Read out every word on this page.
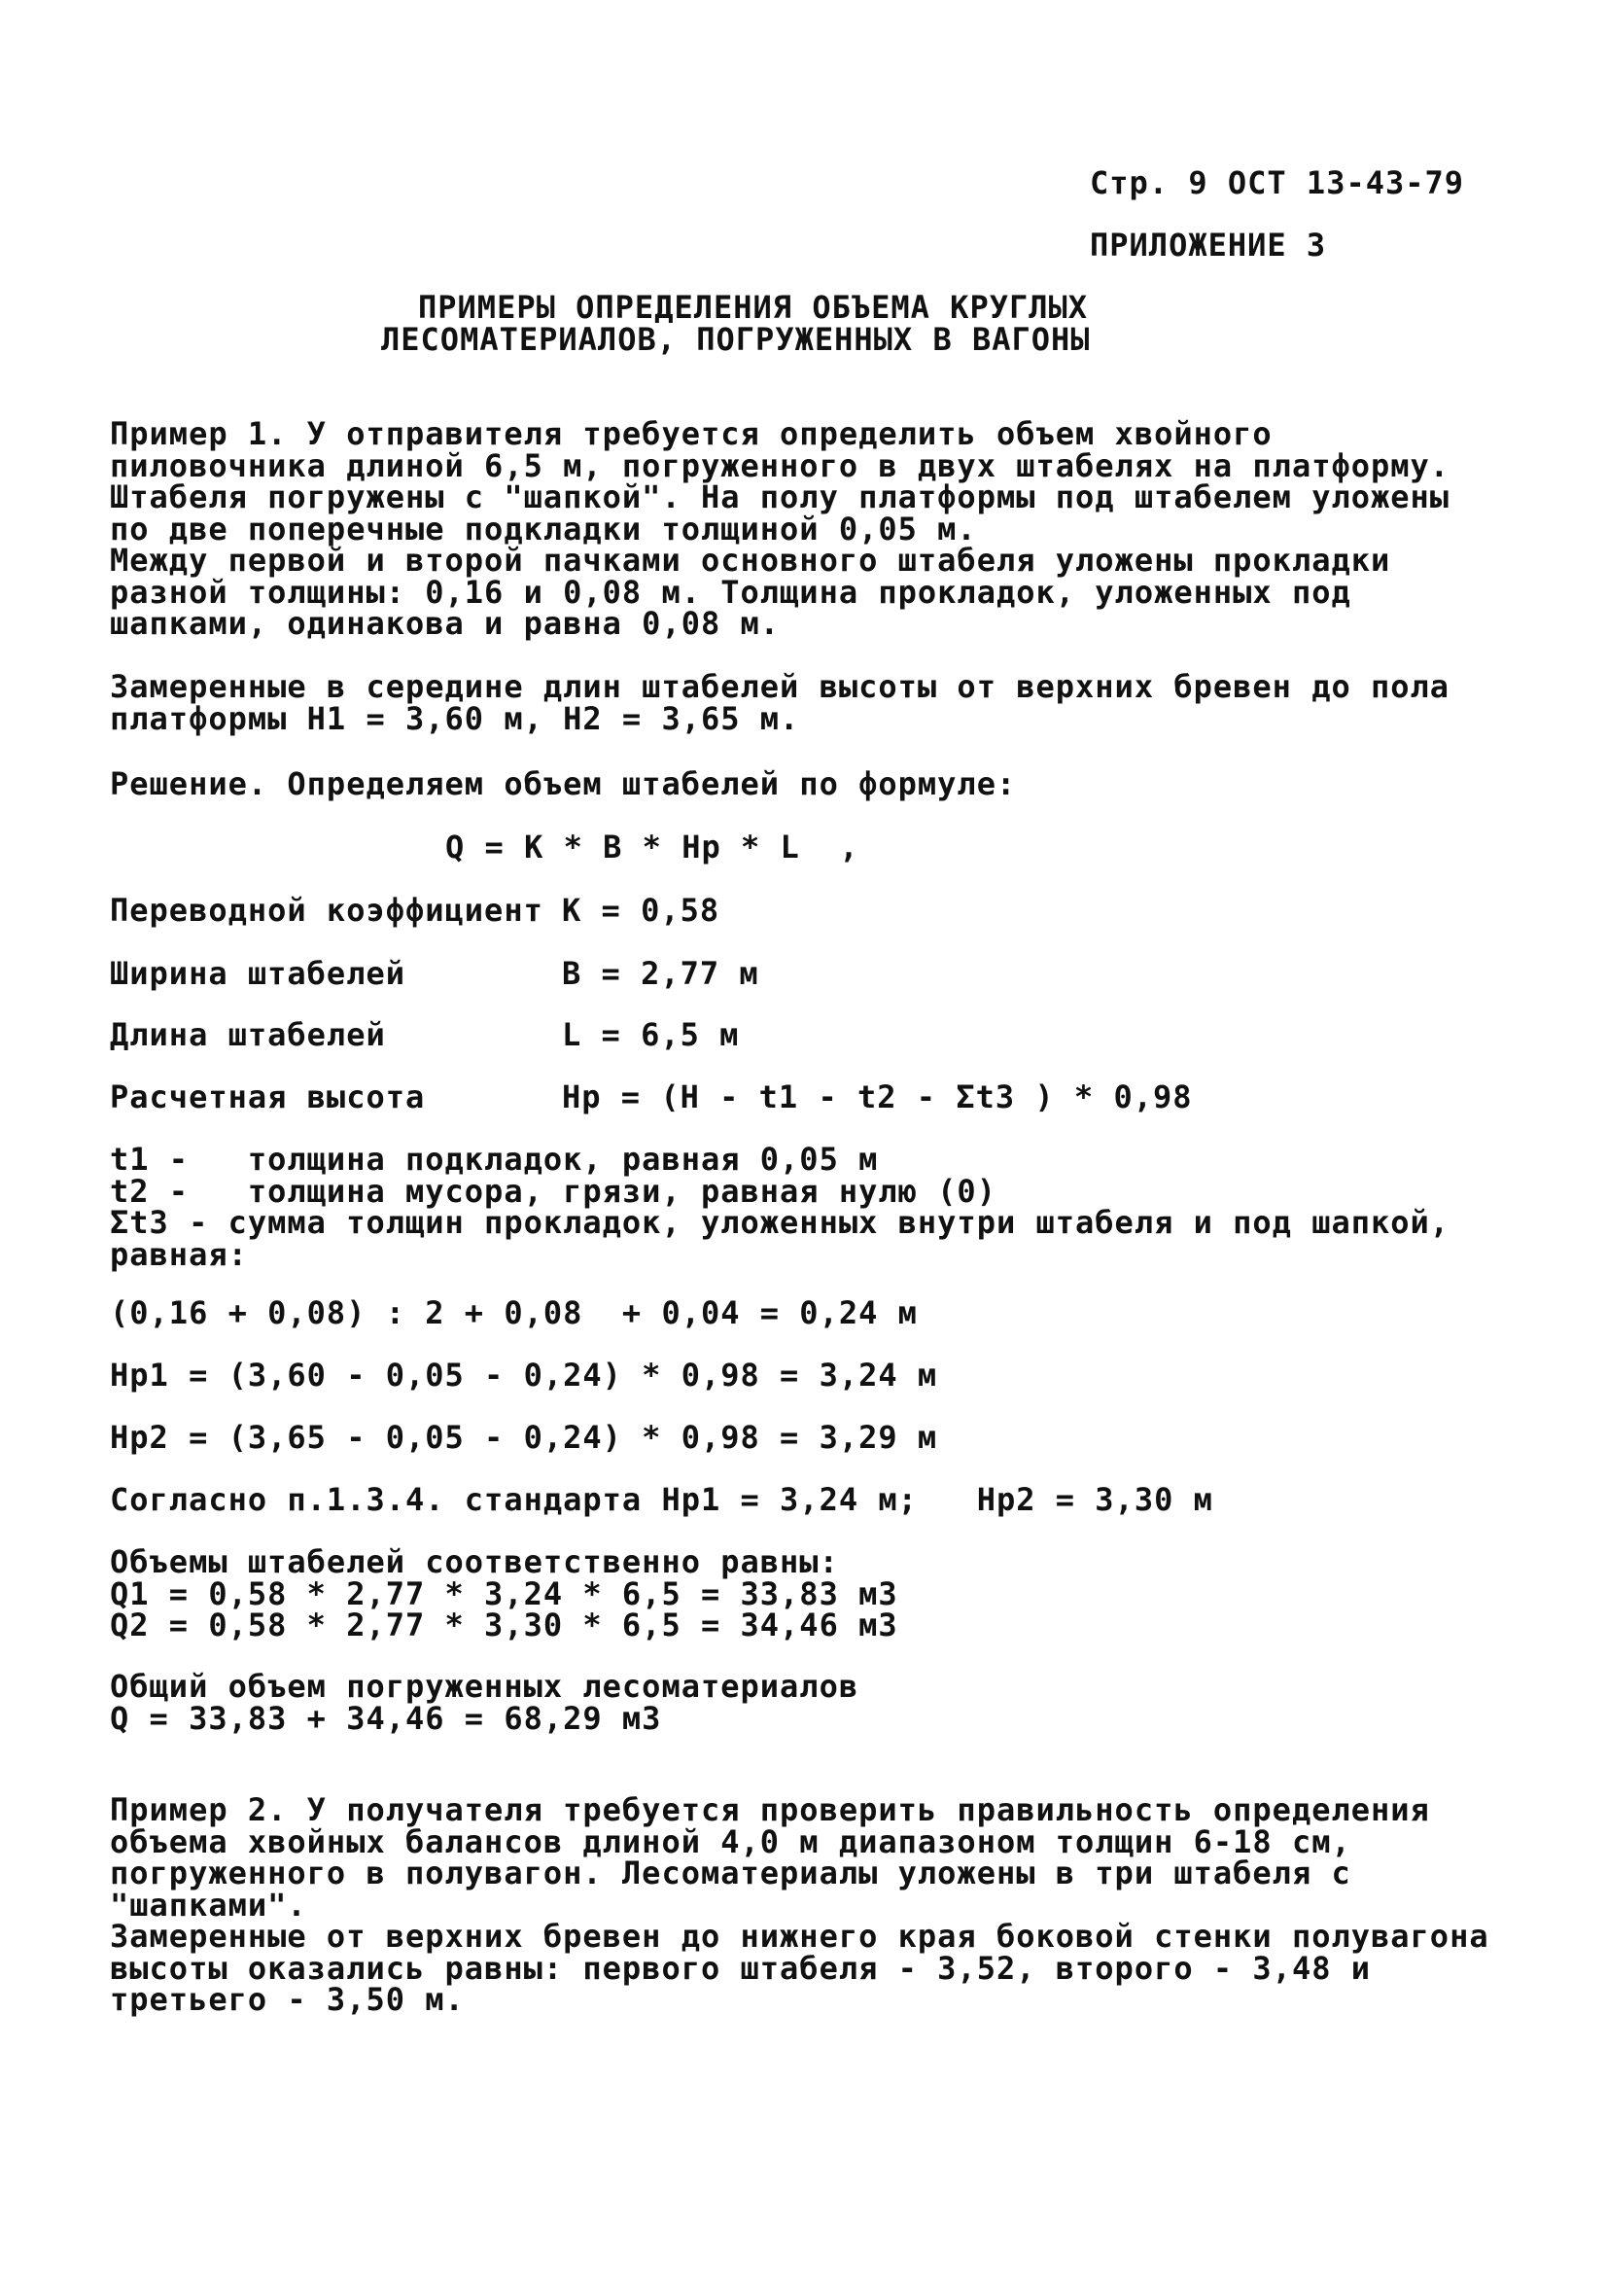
Стр. 9 ОСТ 13-43-79
ПРИЛОЖЕНИЕ 3
ПРИМЕРЫ ОПРЕДЕЛЕНИЯ ОБЪЕМА КРУГЛЫХ
ЛЕСОМАТЕРИАЛОВ, ПОГРУЖЕННЫХ В ВАГОНЫ
Пример 1. У отправителя требуется определить объем хвойного
пиловочника длиной 6,5 м, погруженного в двух штабелях на платформу.
Штабеля погружены с "шапкой". На полу платформы под штабелем уложены
по две поперечные подкладки толщиной 0,05 м.
Между первой и второй пачками основного штабеля уложены прокладки
разной толщины: 0,16 и 0,08 м. Толщина прокладок, уложенных под
шапками, одинакова и равна 0,08 м.
Замеренные в середине длин штабелей высоты от верхних бревен до пола
платформы Н1 = 3,60 м, Н2 = 3,65 м.
Решение. Определяем объем штабелей по формуле:
Q = К * В * Нр * L  ,
Переводной коэффициент К = 0,58
Ширина штабелей	В = 2,77 м
Длина штабелей	L = 6,5 м
Расчетная высота	Нр = (Н - t1 - t2 - Σt3 ) * 0,98
t1 -   толщина подкладок, равная 0,05 м
t2 -   толщина мусора, грязи, равная нулю (0)
Σt3 - сумма толщин прокладок, уложенных внутри штабеля и под шапкой,
равная:
(0,16 + 0,08) : 2 + 0,08  + 0,04 = 0,24 м
Нр1 = (3,60 - 0,05 - 0,24) * 0,98 = 3,24 м
Нр2 = (3,65 - 0,05 - 0,24) * 0,98 = 3,29 м
Согласно п.1.3.4. стандарта Нр1 = 3,24 м;   Нр2 = 3,30 м
Объемы штабелей соответственно равны:
Q1 = 0,58 * 2,77 * 3,24 * 6,5 = 33,83 м3
Q2 = 0,58 * 2,77 * 3,30 * 6,5 = 34,46 м3
Общий объем погруженных лесоматериалов
Q = 33,83 + 34,46 = 68,29 м3
Пример 2. У получателя требуется проверить правильность определения
объема хвойных балансов длиной 4,0 м диапазоном толщин 6-18 см,
погруженного в полувагон. Лесоматериалы уложены в три штабеля с
"шапками".
Замеренные от верхних бревен до нижнего края боковой стенки полувагона
высоты оказались равны: первого штабеля - 3,52, второго - 3,48 и
третьего - 3,50 м.
